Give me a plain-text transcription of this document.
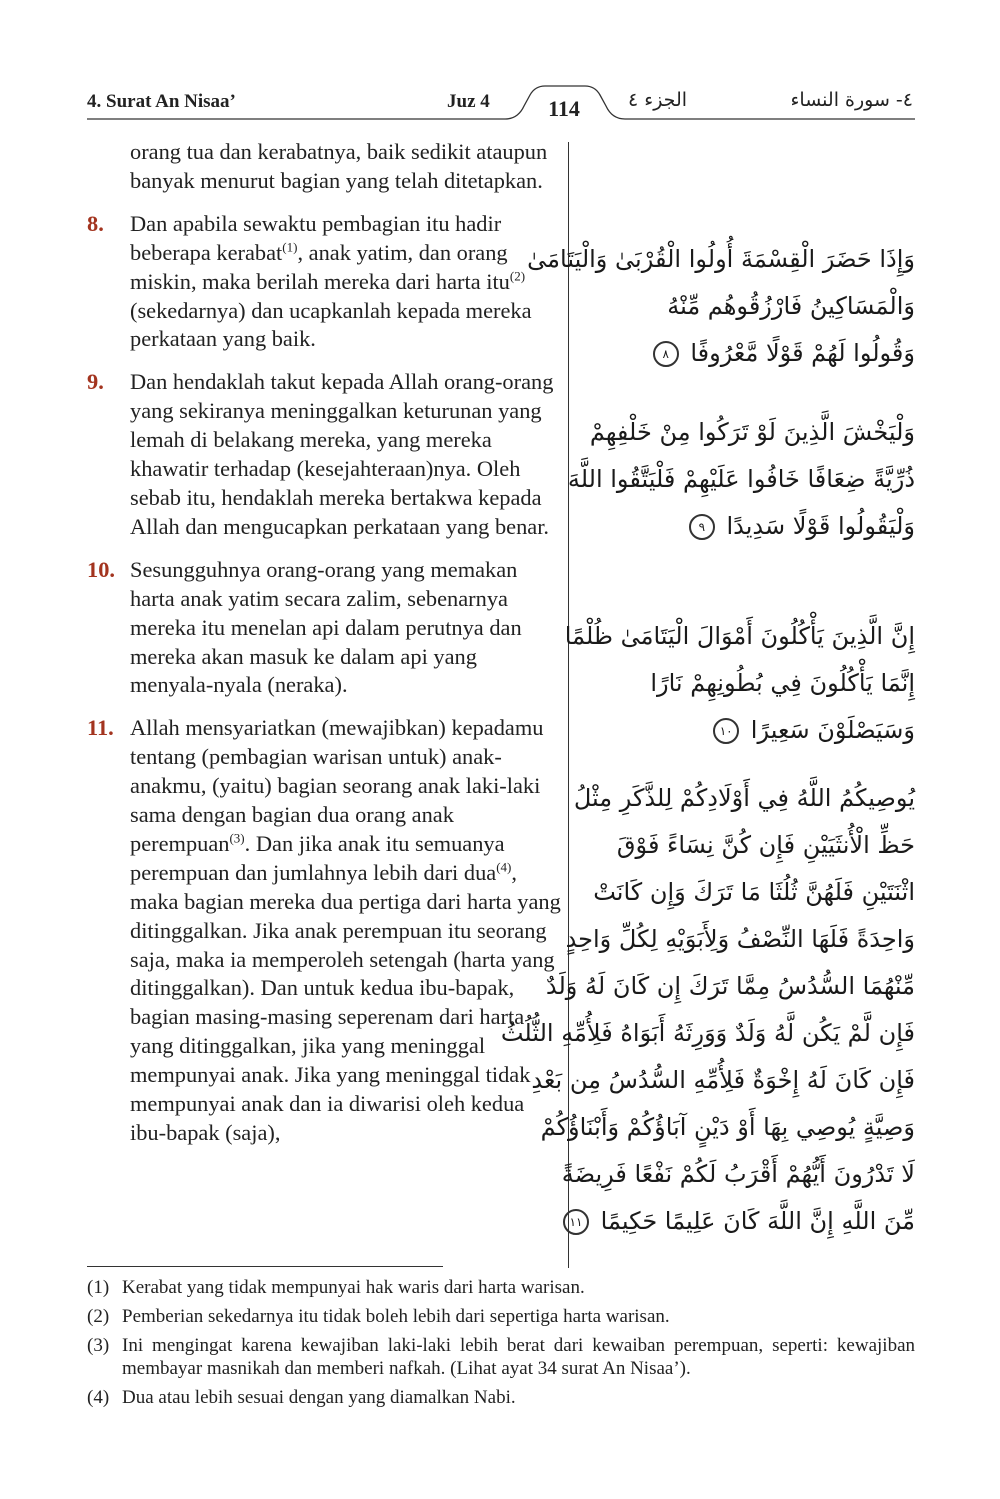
4. Surat An Nisaa’	Juz 4	الجزء ٤	٤- سورة النساء
114
orang tua dan kerabatnya, baik sedikit ataupun banyak menurut bagian yang telah ditetapkan.
8.	Dan apabila sewaktu pembagian itu hadir beberapa kerabat$^{(1)}$, anak yatim, dan orang miskin, maka berilah mereka dari harta itu$^{(2)}$ (sekedarnya) dan ucapkanlah kepada mereka perkataan yang baik.
9.	Dan hendaklah takut kepada Allah orang-orang yang sekiranya meninggalkan keturunan yang lemah di belakang mereka, yang mereka khawatir terhadap (kesejahteraan)nya. Oleh sebab itu, hendaklah mereka bertakwa kepada Allah dan mengucapkan perkataan yang benar.
10. Sesungguhnya orang-orang yang memakan harta anak yatim secara zalim, sebenarnya mereka itu menelan api dalam perutnya dan mereka akan masuk ke dalam api yang menyala-nyala (neraka).
11. Allah mensyariatkan (mewajibkan) kepadamu tentang (pembagian warisan untuk) anak-anakmu, (yaitu) bagian seorang anak laki-laki sama dengan bagian dua orang anak perempuan$^{(3)}$. Dan jika anak itu semuanya perempuan dan jumlahnya lebih dari dua$^{(4)}$, maka bagian mereka dua pertiga dari harta yang ditinggalkan. Jika anak perempuan itu seorang saja, maka ia memperoleh setengah (harta yang ditinggalkan). Dan untuk kedua ibu-bapak, bagian masing-masing seperenam dari harta yang ditinggalkan, jika yang meninggal mempunyai anak. Jika yang meninggal tidak mempunyai anak dan ia diwarisi oleh kedua ibu-bapak (saja),
وَإِذَا حَضَرَ الْقِسْمَةَ أُولُوا الْقُرْبَىٰ وَالْيَتَامَىٰ
وَالْمَسَاكِينُ فَارْزُقُوهُم مِّنْهُ
وَقُولُوا لَهُمْ قَوْلًا مَّعْرُوفًا ٨
وَلْيَخْشَ الَّذِينَ لَوْ تَرَكُوا مِنْ خَلْفِهِمْ
ذُرِّيَّةً ضِعَافًا خَافُوا عَلَيْهِمْ فَلْيَتَّقُوا اللَّهَ
وَلْيَقُولُوا قَوْلًا سَدِيدًا ٩
إِنَّ الَّذِينَ يَأْكُلُونَ أَمْوَالَ الْيَتَامَىٰ ظُلْمًا
إِنَّمَا يَأْكُلُونَ فِي بُطُونِهِمْ نَارًا
وَسَيَصْلَوْنَ سَعِيرًا ١٠
يُوصِيكُمُ اللَّهُ فِي أَوْلَادِكُمْ لِلذَّكَرِ مِثْلُ
حَظِّ الْأُنثَيَيْنِ فَإِن كُنَّ نِسَاءً فَوْقَ
اثْنَتَيْنِ فَلَهُنَّ ثُلُثَا مَا تَرَكَ وَإِن كَانَتْ
وَاحِدَةً فَلَهَا النِّصْفُ وَلِأَبَوَيْهِ لِكُلِّ وَاحِدٍ
مِّنْهُمَا السُّدُسُ مِمَّا تَرَكَ إِن كَانَ لَهُ وَلَدٌ
فَإِن لَّمْ يَكُن لَّهُ وَلَدٌ وَوَرِثَهُ أَبَوَاهُ فَلِأُمِّهِ الثُّلُثُ
فَإِن كَانَ لَهُ إِخْوَةٌ فَلِأُمِّهِ السُّدُسُ مِن بَعْدِ
وَصِيَّةٍ يُوصِي بِهَا أَوْ دَيْنٍ آبَاؤُكُمْ وَأَبْنَاؤُكُمْ
لَا تَدْرُونَ أَيُّهُمْ أَقْرَبُ لَكُمْ نَفْعًا فَرِيضَةً
مِّنَ اللَّهِ إِنَّ اللَّهَ كَانَ عَلِيمًا حَكِيمًا ١١
(1) Kerabat yang tidak mempunyai hak waris dari harta warisan.
(2) Pemberian sekedarnya itu tidak boleh lebih dari sepertiga harta warisan.
(3) Ini mengingat karena kewajiban laki-laki lebih berat dari kewaiban perempuan, seperti: kewajiban membayar masnikah dan memberi nafkah. (Lihat ayat 34 surat An Nisaa’).
(4) Dua atau lebih sesuai dengan yang diamalkan Nabi.
